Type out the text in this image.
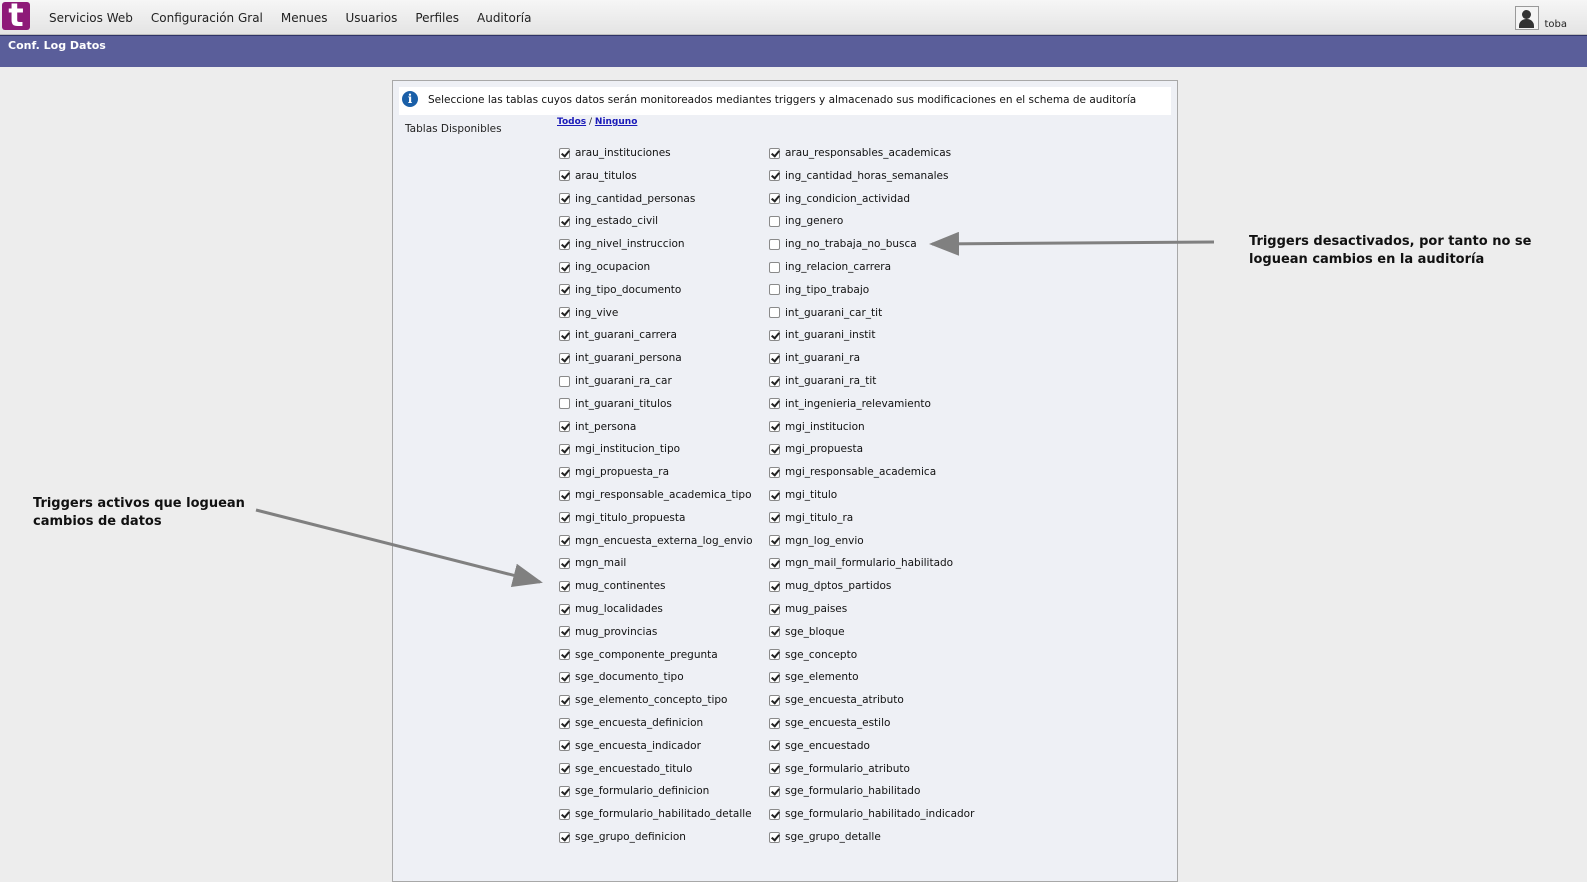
t	Servicios Web	Configuración Gral	Menues	Usuarios	Perfiles	Auditoría	toba
Conf. Log Datos
i	Seleccione las tablas cuyos datos serán monitoreados mediantes triggers y almacenado sus modificaciones en el schema de auditoría
Tablas Disponibles
Todos / Ninguno
arau_instituciones
arau_titulos
ing_cantidad_personas
ing_estado_civil
ing_nivel_instruccion
ing_ocupacion
ing_tipo_documento
ing_vive
int_guarani_carrera
int_guarani_persona
int_guarani_ra_car
int_guarani_titulos
int_persona
mgi_institucion_tipo
mgi_propuesta_ra
mgi_responsable_academica_tipo
mgi_titulo_propuesta
mgn_encuesta_externa_log_envio
mgn_mail
mug_continentes
mug_localidades
mug_provincias
sge_componente_pregunta
sge_documento_tipo
sge_elemento_concepto_tipo
sge_encuesta_definicion
sge_encuesta_indicador
sge_encuestado_titulo
sge_formulario_definicion
sge_formulario_habilitado_detalle
sge_grupo_definicion
arau_responsables_academicas
ing_cantidad_horas_semanales
ing_condicion_actividad
ing_genero
ing_no_trabaja_no_busca
ing_relacion_carrera
ing_tipo_trabajo
int_guarani_car_tit
int_guarani_instit
int_guarani_ra
int_guarani_ra_tit
int_ingenieria_relevamiento
mgi_institucion
mgi_propuesta
mgi_responsable_academica
mgi_titulo
mgi_titulo_ra
mgn_log_envio
mgn_mail_formulario_habilitado
mug_dptos_partidos
mug_paises
sge_bloque
sge_concepto
sge_elemento
sge_encuesta_atributo
sge_encuesta_estilo
sge_encuestado
sge_formulario_atributo
sge_formulario_habilitado
sge_formulario_habilitado_indicador
sge_grupo_detalle
Triggers desactivados, por tanto no se loguean cambios en la auditoría
Triggers activos que loguean cambios de datos
